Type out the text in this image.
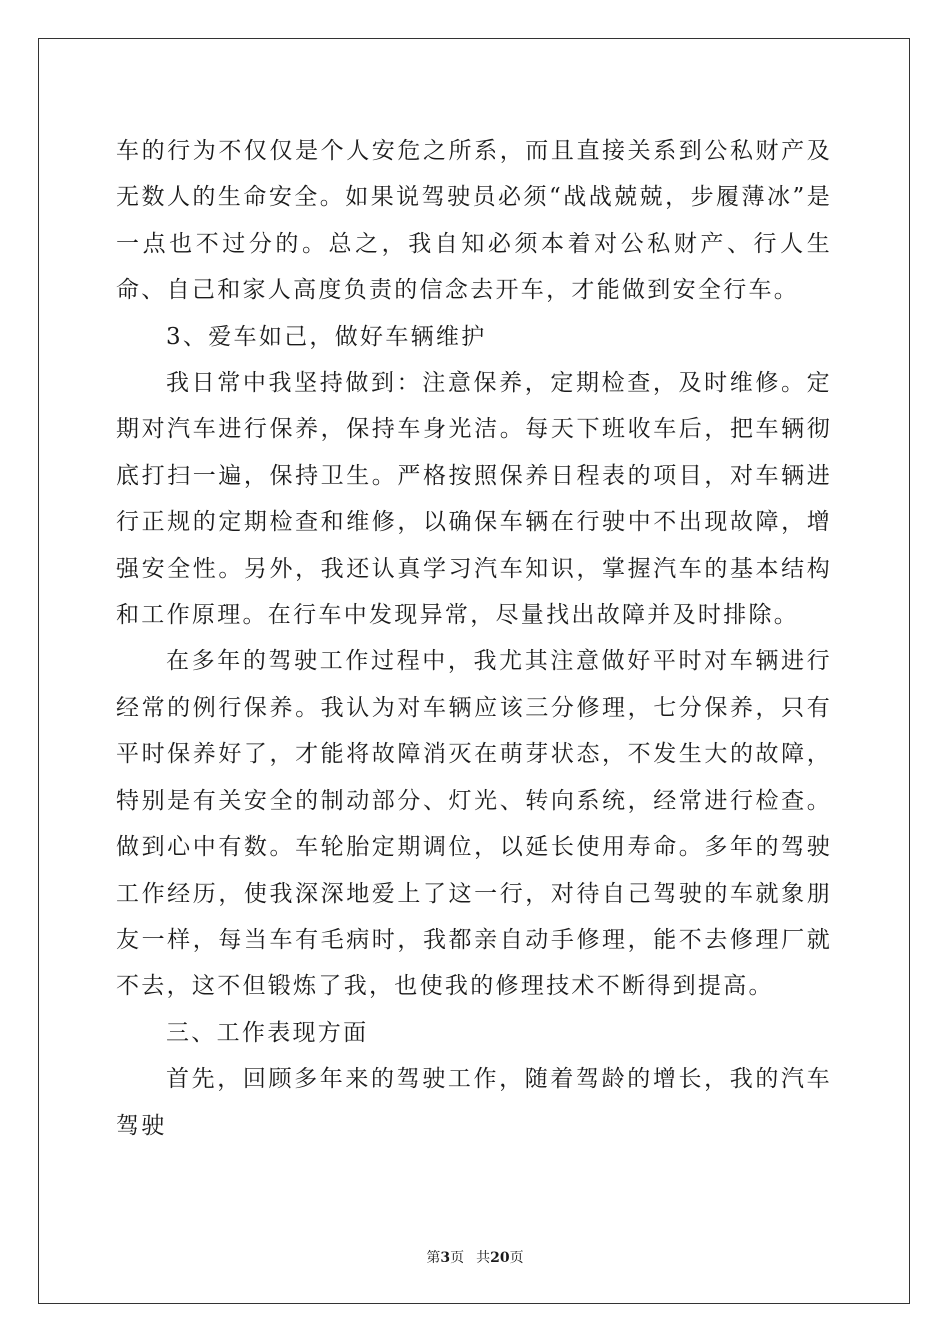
车的行为不仅仅是个人安危之所系，而且直接关系到公私财产及无数人的生命安全。如果说驾驶员必须“战战兢兢，步履薄冰”是一点也不过分的。总之，我自知必须本着对公私财产、行人生命、自己和家人高度负责的信念去开车，才能做到安全行车。

3、爱车如己，做好车辆维护

我日常中我坚持做到：注意保养，定期检查，及时维修。定期对汽车进行保养，保持车身光洁。每天下班收车后，把车辆彻底打扫一遍，保持卫生。严格按照保养日程表的项目，对车辆进行正规的定期检查和维修，以确保车辆在行驶中不出现故障，增强安全性。另外，我还认真学习汽车知识，掌握汽车的基本结构和工作原理。在行车中发现异常，尽量找出故障并及时排除。

在多年的驾驶工作过程中，我尤其注意做好平时对车辆进行经常的例行保养。我认为对车辆应该三分修理，七分保养，只有平时保养好了，才能将故障消灭在萌芽状态，不发生大的故障，特别是有关安全的制动部分、灯光、转向系统，经常进行检查。做到心中有数。车轮胎定期调位，以延长使用寿命。多年的驾驶工作经历，使我深深地爱上了这一行，对待自己驾驶的车就象朋友一样，每当车有毛病时，我都亲自动手修理，能不去修理厂就不去，这不但锻炼了我，也使我的修理技术不断得到提高。

三、工作表现方面

首先，回顾多年来的驾驶工作，随着驾龄的增长，我的汽车驾驶

第3页 共20页
